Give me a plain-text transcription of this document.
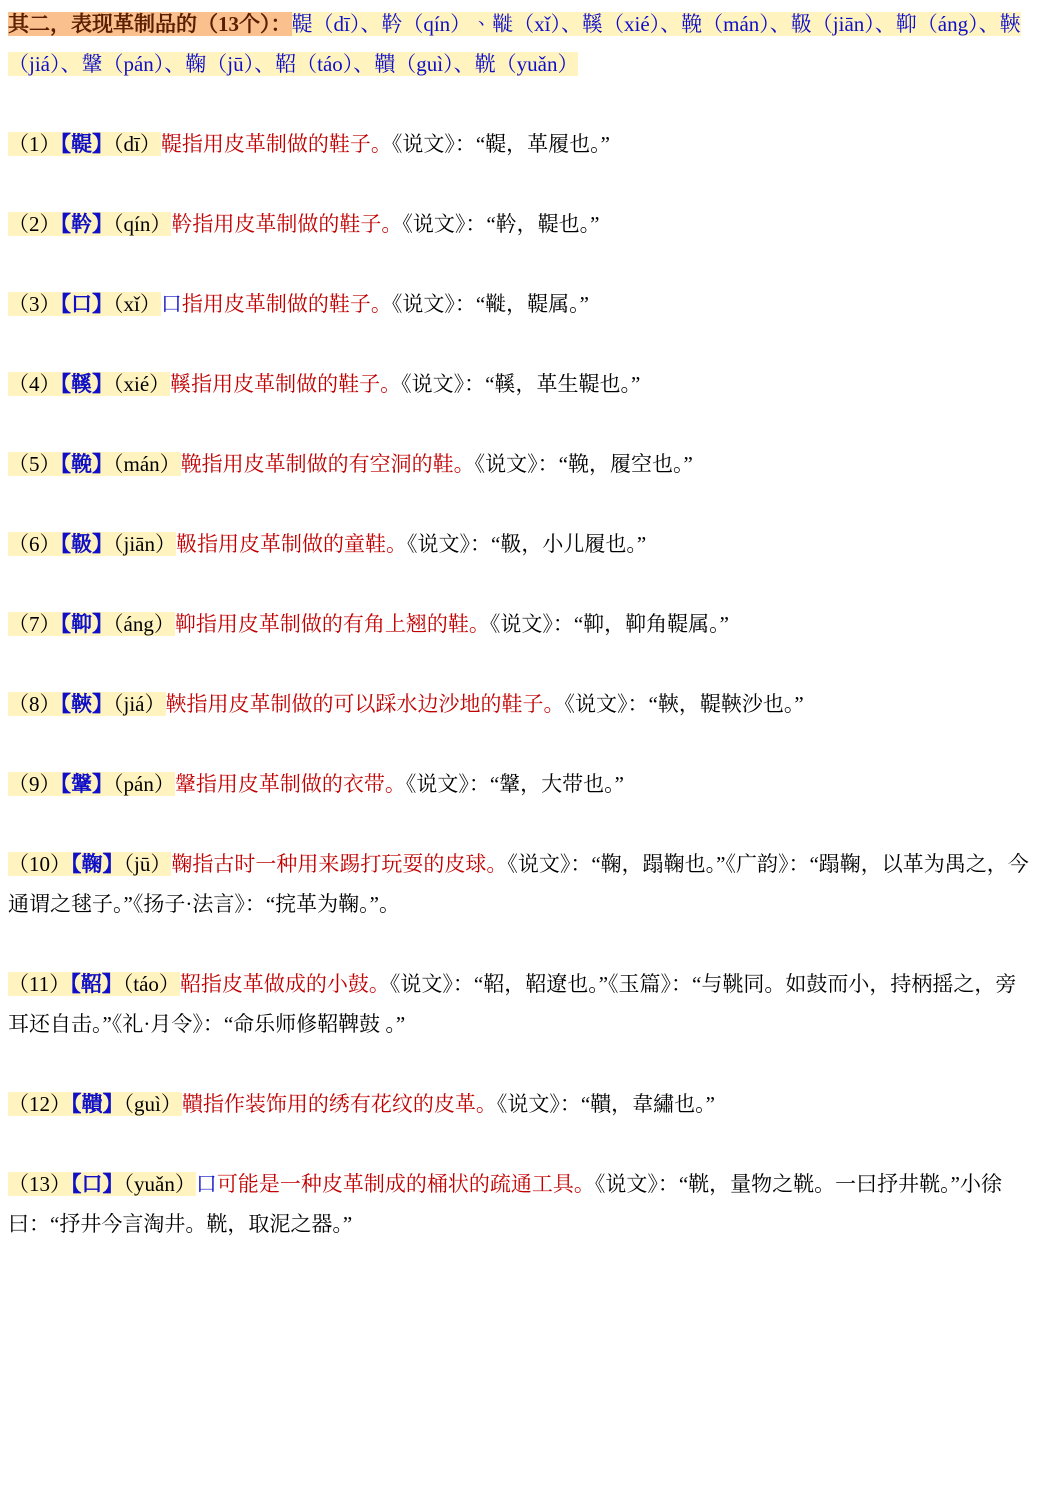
其二，表现革制品的（13个）：鞮（dī）、靲（qín）、𩌦（xǐ）、鞵（xié）、鞔（mán）、靸（jiān）、䩕（áng）、䩡（jiá）、鞶（pán）、鞠（jū）、鞀（táo）、鞼（guì）、𩊠（yuǎn）

（1）【鞮】（dī）鞮指用皮革制做的鞋子。《说文》：“鞮，革履也。”

（2）【靲】（qín）靲指用皮革制做的鞋子。《说文》：“靲，鞮也。”

（3）【口】（xǐ）口指用皮革制做的鞋子。《说文》：“𩌦，鞮属。”

（4）【鞵】（xié）鞵指用皮革制做的鞋子。《说文》：“鞵，革生鞮也。”

（5）【鞔】（mán）鞔指用皮革制做的有空洞的鞋。《说文》：“鞔，履空也。”

（6）【靸】（jiān）靸指用皮革制做的童鞋。《说文》：“靸，小儿履也。”

（7）【䩕】（áng）䩕指用皮革制做的有角上翘的鞋。《说文》：“䩕，䩕角鞮属。”

（8）【䩡】（jiá）䩡指用皮革制做的可以踩水边沙地的鞋子。《说文》：“䩡，鞮䩡沙也。”

（9）【鞶】（pán）鞶指用皮革制做的衣带。《说文》：“鞶，大带也。”

（10）【鞠】（jū）鞠指古时一种用来踢打玩耍的皮球。《说文》：“鞠，蹋鞠也。”《广韵》：“蹋鞠，以革为禺之，今通谓之毬子。”《扬子·法言》：“捖革为鞠。”。

（11）【鞀】（táo）鞀指皮革做成的小鼓。《说文》：“鞀，鞀遼也。”《玉篇》：“与鞉同。如鼓而小，持柄摇之，旁耳还自击。”《礼·月令》：“命乐师修鞀鞞鼓 。”

（12）【鞼】（guì）鞼指作装饰用的绣有花纹的皮革。《说文》：“鞼，韋繡也。”

（13）【口】（yuǎn）口可能是一种皮革制成的桶状的疏通工具。《说文》：“𩊠，量物之𩊠。一曰抒井𩊠。”小徐曰：“抒井今言淘井。𩊠，取泥之器。”
